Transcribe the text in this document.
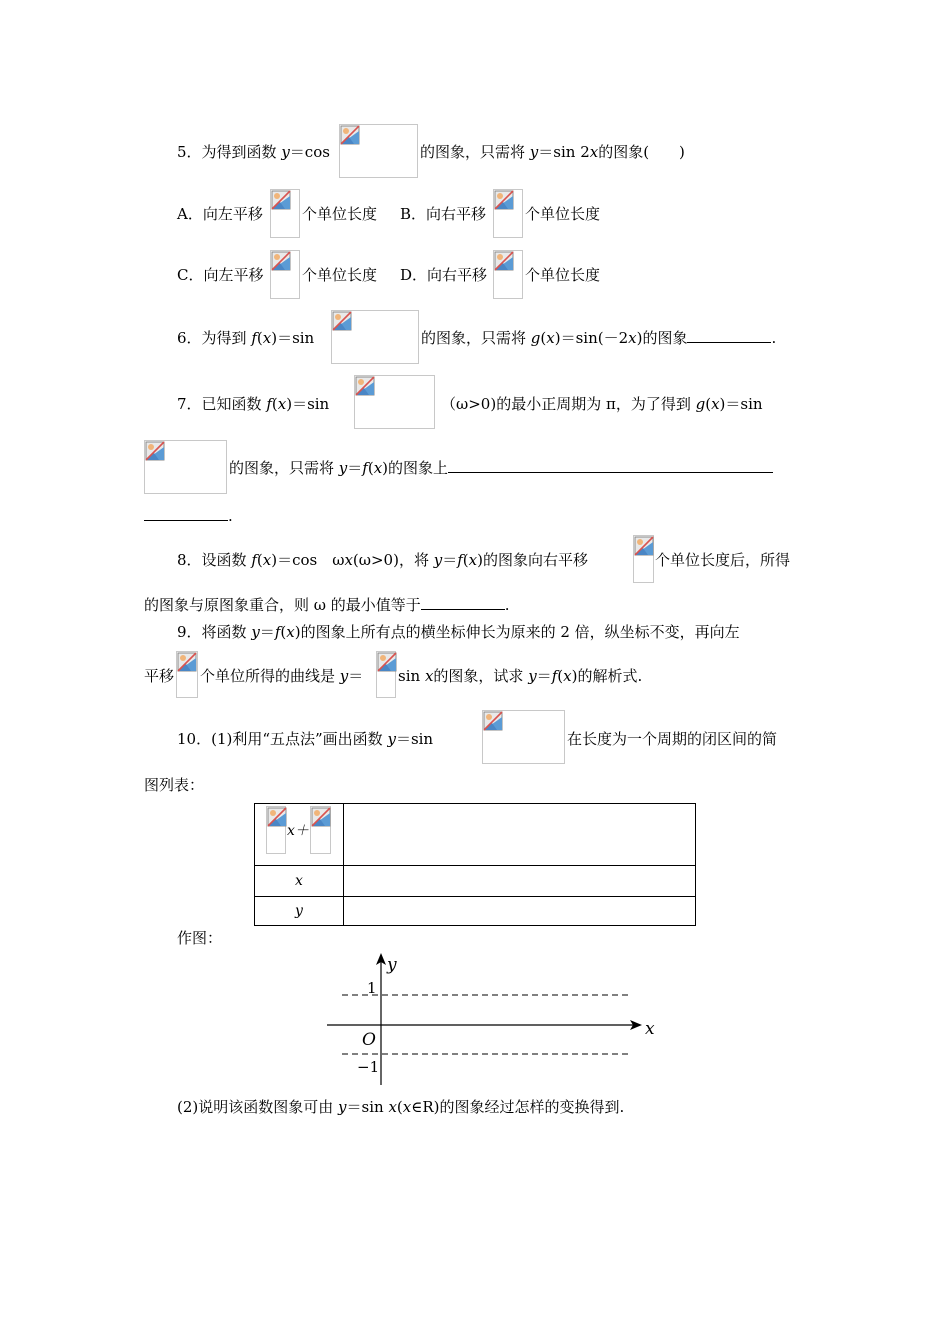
5．为得到函数 y＝cos	的图象，只需将 y＝sin 2x的图象(　　)
A．向左平移	个单位长度 B．向右平移	个单位长度
C．向左平移	个单位长度 D．向右平移	个单位长度
6．为得到 f(x)＝sin	的图象，只需将 g(x)＝sin(－2x)的图象	.
7．已知函数 f(x)＝sin	（ω>0)的最小正周期为 π，为了得到 g(x)＝sin
的图象，只需将 y＝f(x)的图象上
.
8．设函数 f(x)＝cos　ωx(ω>0)，将 y＝f(x)的图象向右平移	个单位长度后，所得
的图象与原图象重合，则 ω 的最小值等于	.
9．将函数 y＝f(x)的图象上所有点的横坐标伸长为原来的 2 倍，纵坐标不变，再向左
平移 个单位所得的曲线是 y＝ sin x的图象，试求 y＝f(x)的解析式.
10．(1)利用“五点法”画出函数 y＝sin	在长度为一个周期的闭区间的简
图列表：
x＋	

x	
y	
作图：
y
x
1
O
−1
(2)说明该函数图象可由 y＝sin x(x∈R)的图象经过怎样的变换得到.
